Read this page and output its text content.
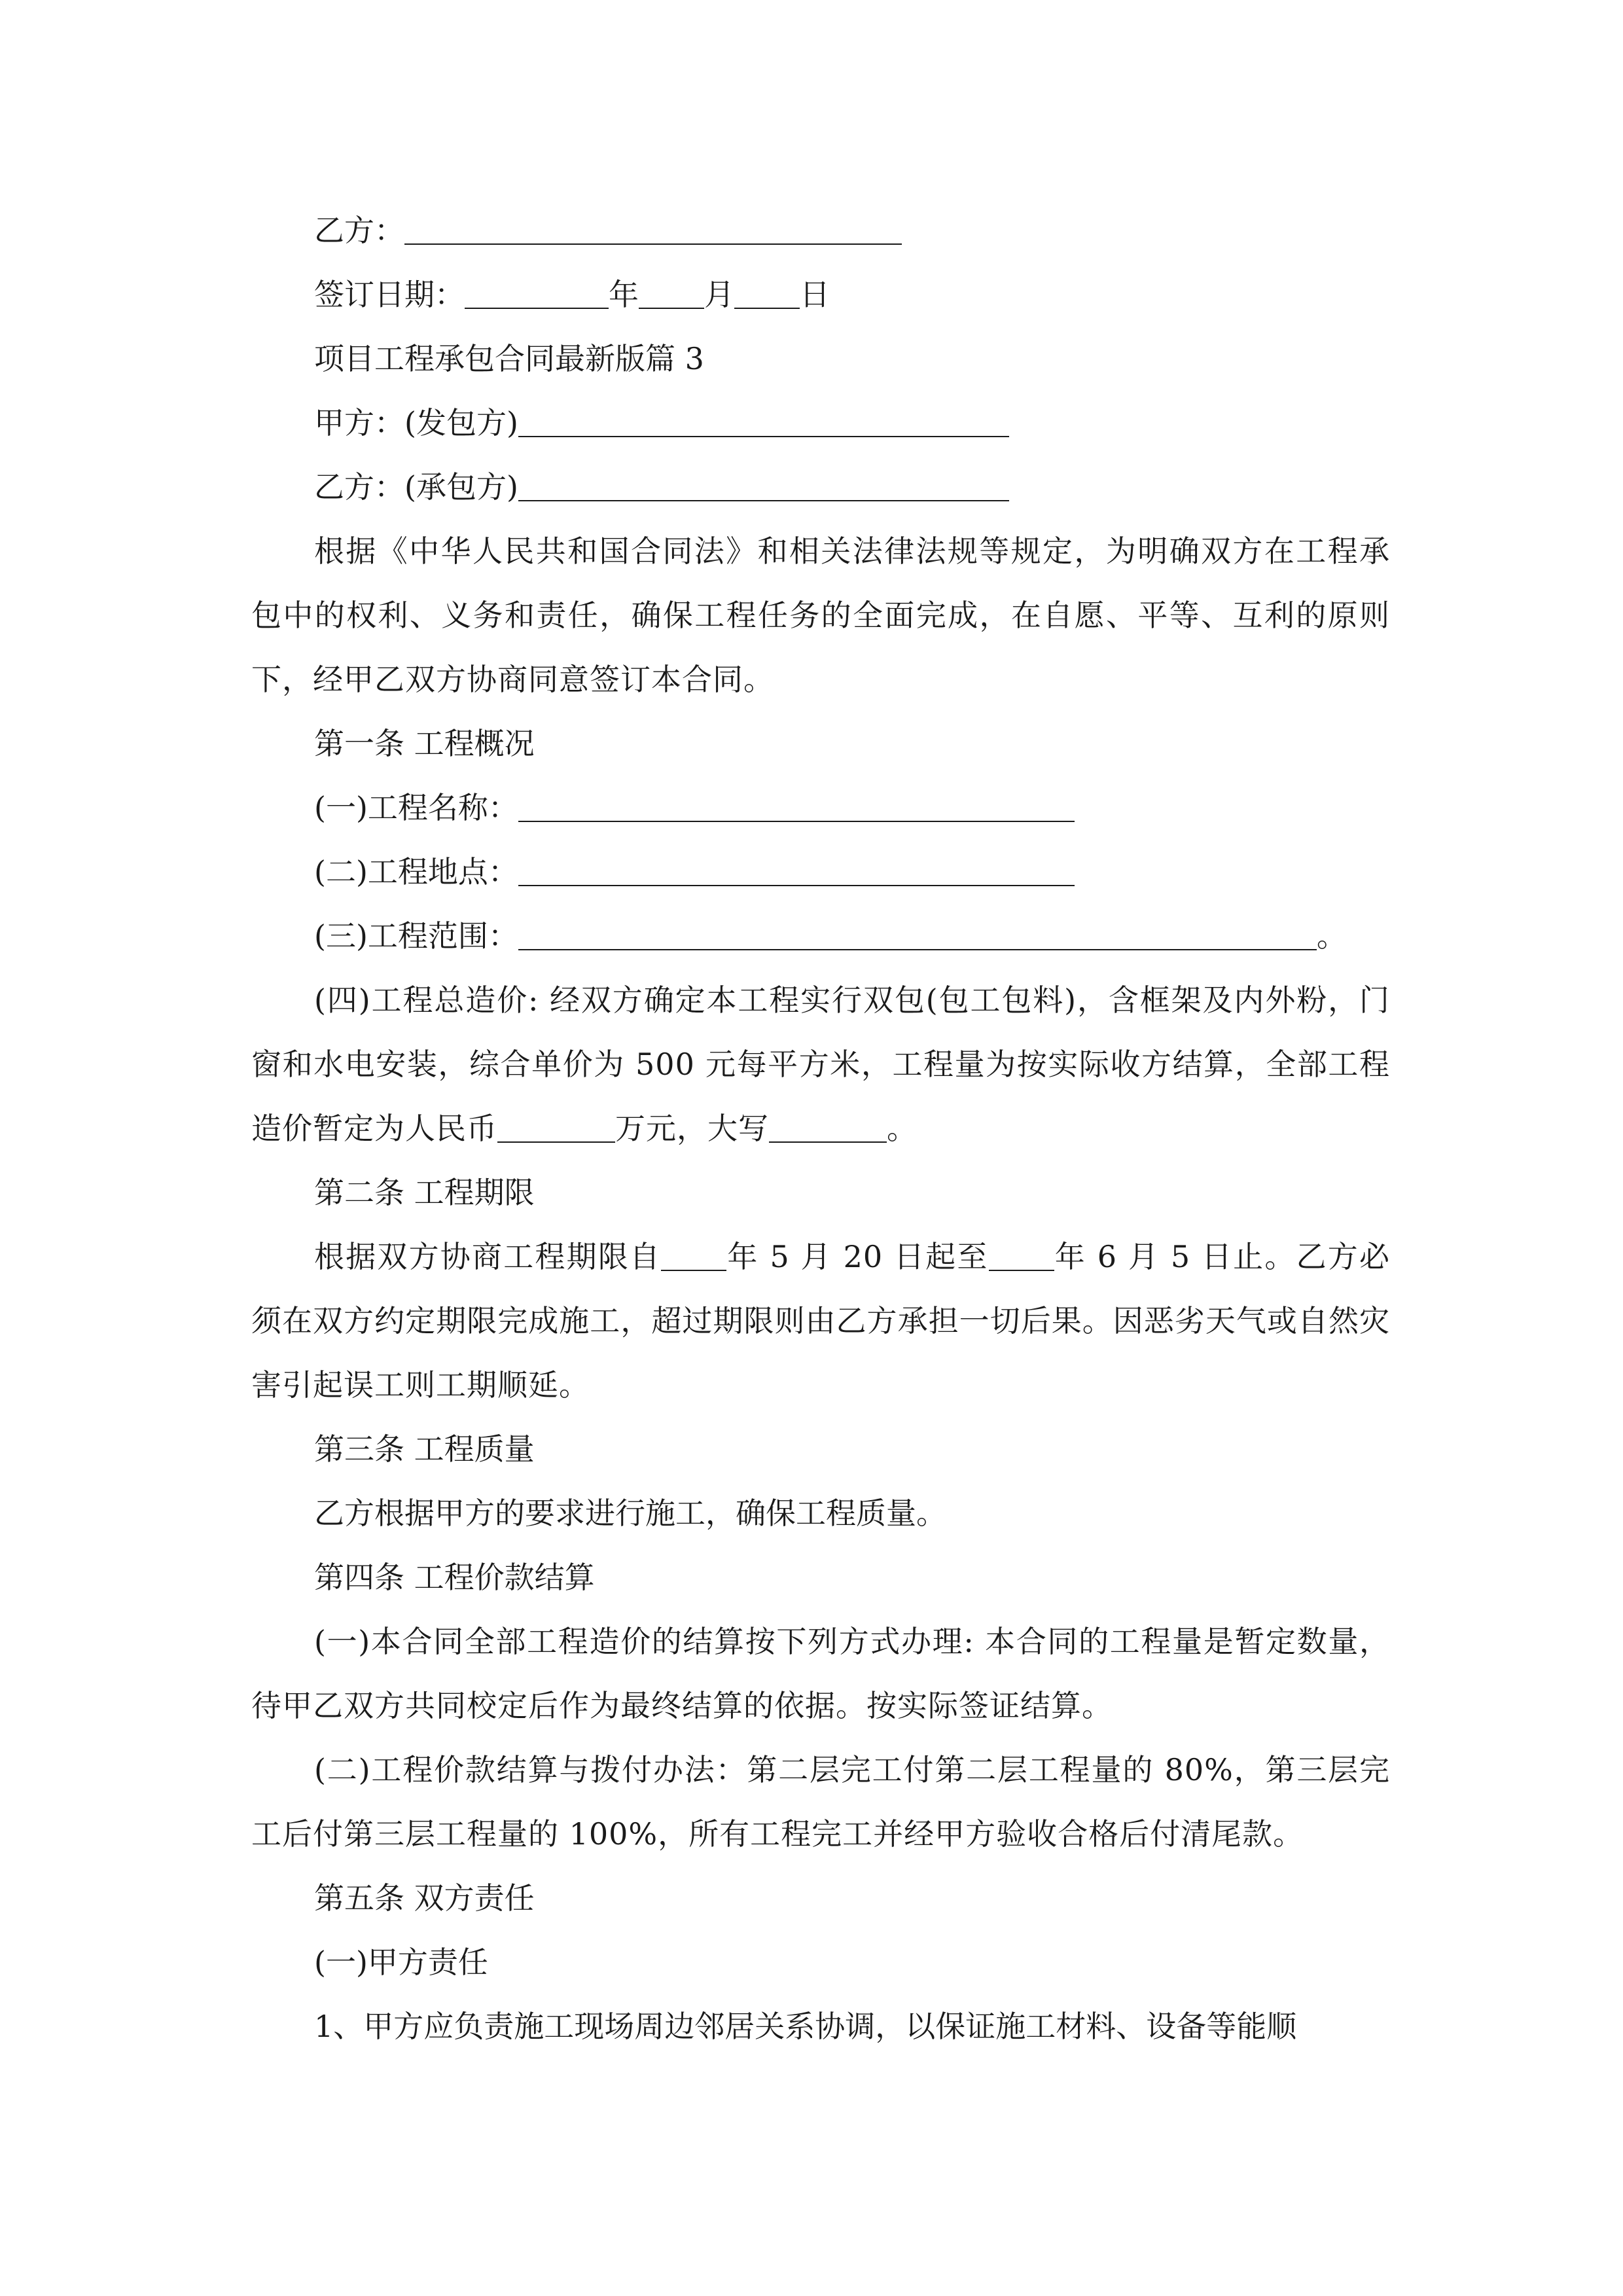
乙方：
签订日期：	年 月 日
项目工程承包合同最新版篇 3
甲方：(发包方)
乙方：(承包方)
根据《中华人民共和国合同法》和相关法律法规等规定，为明确双方在工程承包中的权利、义务和责任，确保工程任务的全面完成，在自愿、平等、互利的原则下，经甲乙双方协商同意签订本合同。
第一条 工程概况
(一)工程名称：
(二)工程地点：
(三)工程范围：	。
(四)工程总造价: 经双方确定本工程实行双包(包工包料)，含框架及内外粉，门窗和水电安装，综合单价为 500 元每平方米，工程量为按实际收方结算，全部工程造价暂定为人民币	万元，大写	。
第二条 工程期限
根据双方协商工程期限自 年 5 月 20 日起至 年 6 月 5 日止。乙方必须在双方约定期限完成施工，超过期限则由乙方承担一切后果。因恶劣天气或自然灾害引起误工则工期顺延。
第三条 工程质量
乙方根据甲方的要求进行施工，确保工程质量。
第四条 工程价款结算
(一)本合同全部工程造价的结算按下列方式办理: 本合同的工程量是暂定数量，待甲乙双方共同校定后作为最终结算的依据。按实际签证结算。
(二)工程价款结算与拨付办法：第二层完工付第二层工程量的 80%，第三层完工后付第三层工程量的 100%，所有工程完工并经甲方验收合格后付清尾款。
第五条 双方责任
(一)甲方责任
1、甲方应负责施工现场周边邻居关系协调，以保证施工材料、设备等能顺
